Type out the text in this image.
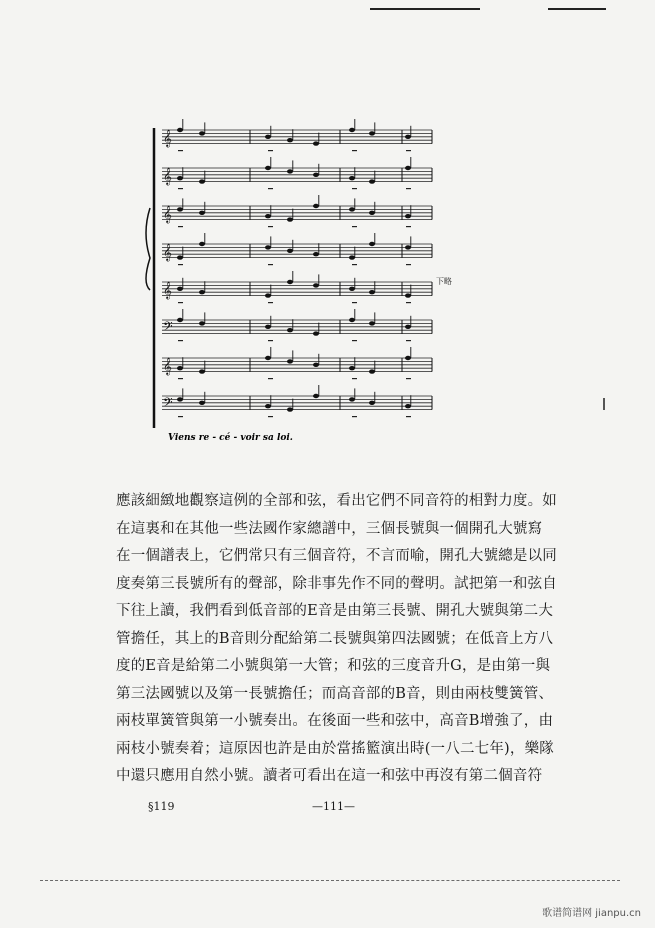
𝄞
𝄞
𝄞
𝄞
𝄞
𝄢
𝄞
𝄢
Viens re - cé - voir sa loi.
下略
應該細緻地觀察這例的全部和弦，看出它們不同音符的相對力度。如
在這裏和在其他一些法國作家總譜中，三個長號與一個開孔大號寫
在一個譜表上，它們常只有三個音符，不言而喻，開孔大號總是以同
度奏第三長號所有的聲部，除非事先作不同的聲明。試把第一和弦自
下往上讀，我們看到低音部的E音是由第三長號、開孔大號與第二大
管擔任，其上的B音則分配給第二長號與第四法國號；在低音上方八
度的E音是給第二小號與第一大管；和弦的三度音升G，是由第一與
第三法國號以及第一長號擔任；而高音部的B音，則由兩枝雙簧管、
兩枝單簧管與第一小號奏出。在後面一些和弦中，高音B增強了，由
兩枝小號奏着；這原因也許是由於當搖籃演出時(一八二七年)，樂隊
中還只應用自然小號。讀者可看出在這一和弦中再沒有第二個音符
§119	—111—
歌谱简谱网 jianpu.cn
